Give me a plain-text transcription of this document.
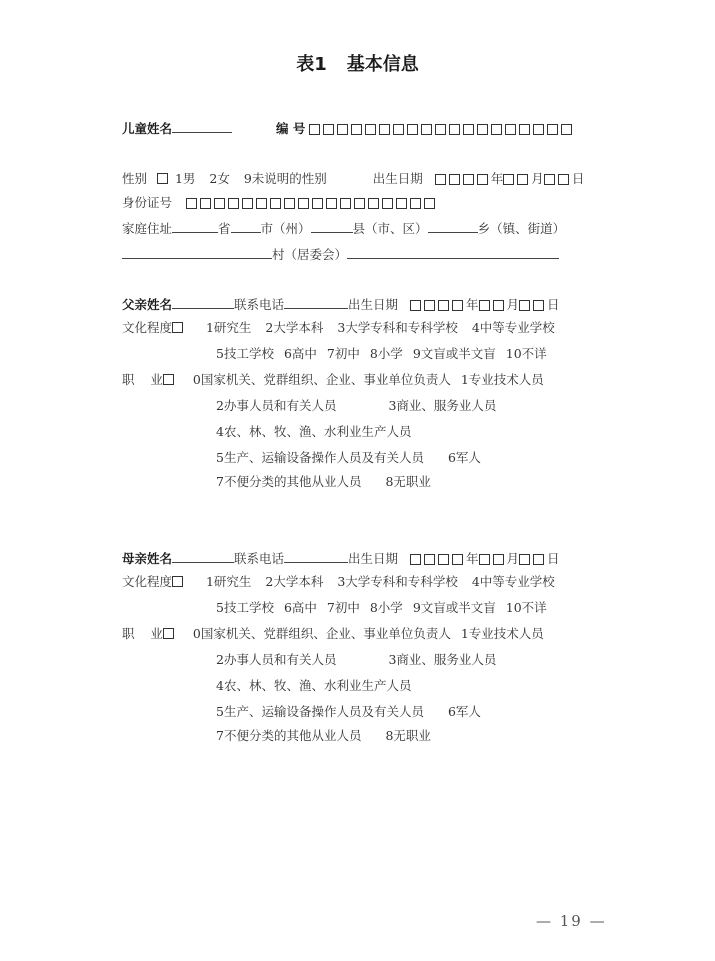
表1 基本信息
儿童姓名	编 号
性别 1男 2女 9未说明的性别	出生日期	年 月 日
身份证号
家庭住址	省 市（州）	县（市、区）	乡（镇、街道）
村（居委会）
父亲姓名	联系电话	出生日期	年 月 日
文化程度	1研究生 2大学本科 3大学专科和专科学校 4中等专业学校
5技工学校 6高中 7初中 8小学 9文盲或半文盲 10不详
职    业 0国家机关、党群组织、企业、事业单位负责人 1专业技术人员
2办事人员和有关人员	3商业、服务业人员
4农、林、牧、渔、水利业生产人员
5生产、运输设备操作人员及有关人员 6军人
7不便分类的其他从业人员 8无职业
母亲姓名	联系电话	出生日期	年 月 日
文化程度	1研究生 2大学本科 3大学专科和专科学校 4中等专业学校
5技工学校 6高中 7初中 8小学 9文盲或半文盲 10不详
职    业 0国家机关、党群组织、企业、事业单位负责人 1专业技术人员
2办事人员和有关人员	3商业、服务业人员
4农、林、牧、渔、水利业生产人员
5生产、运输设备操作人员及有关人员 6军人
7不便分类的其他从业人员 8无职业
— 19 —
